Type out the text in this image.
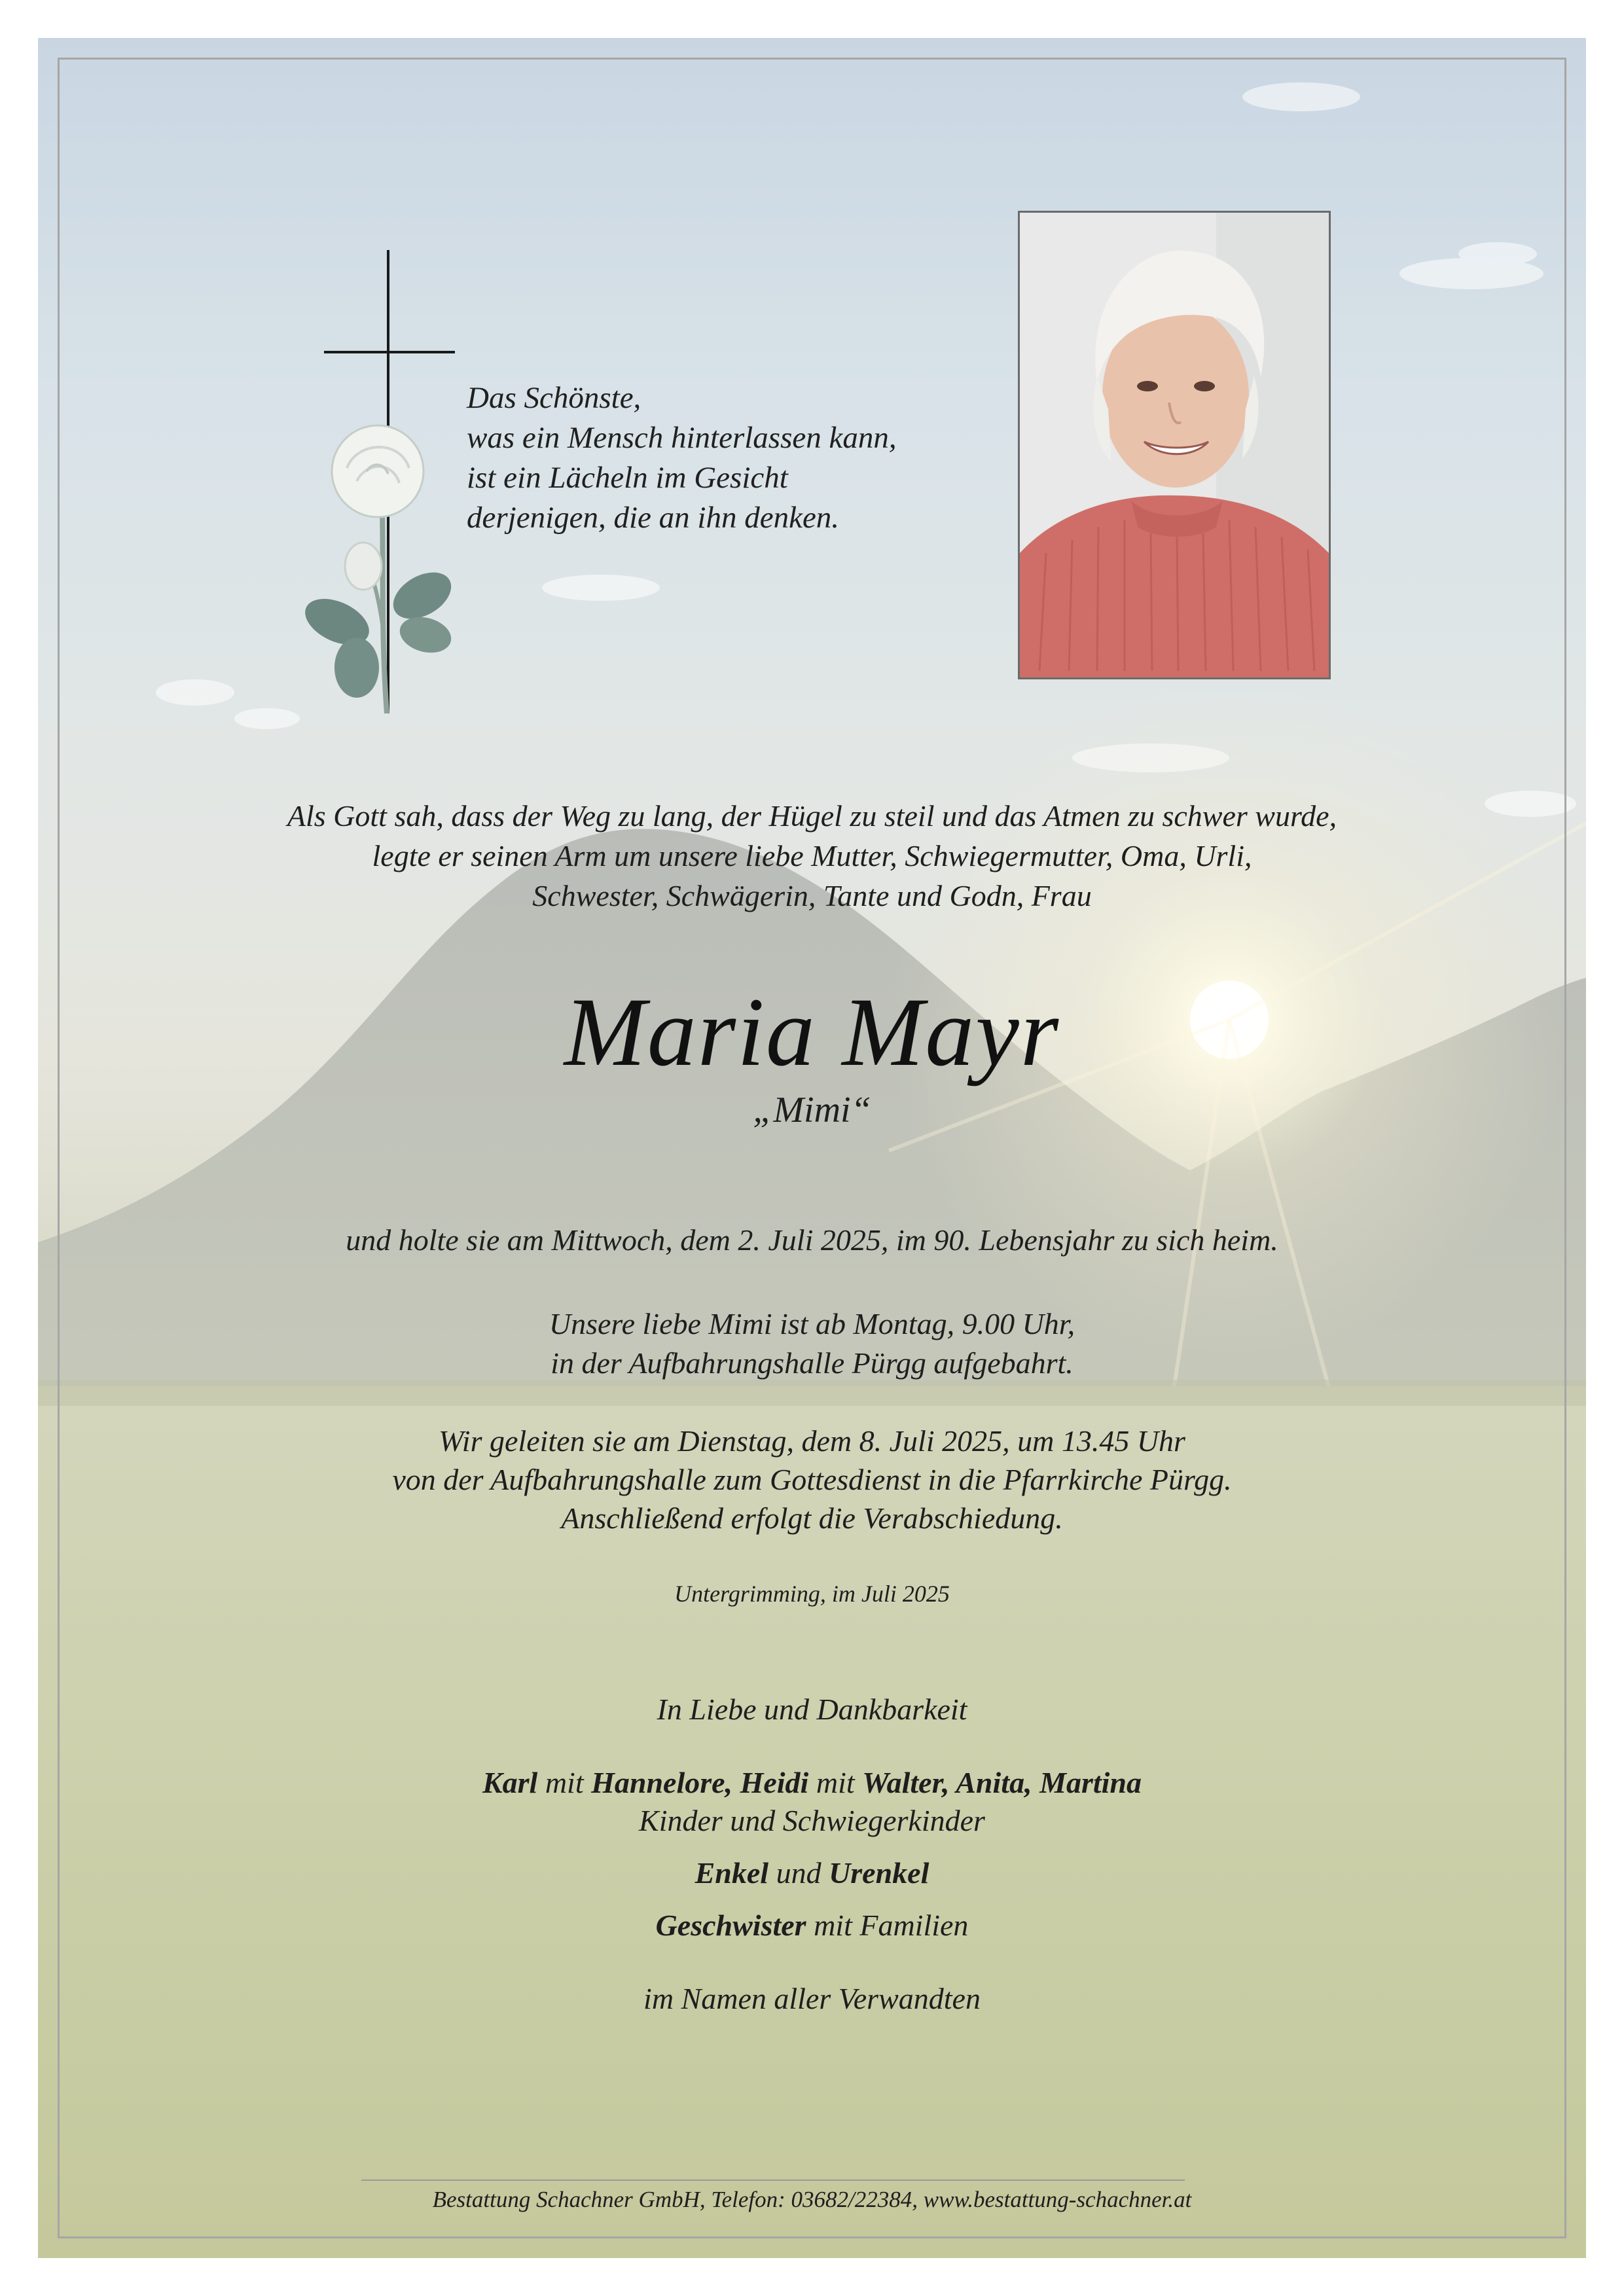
Das Schönste,
was ein Mensch hinterlassen kann,
ist ein Lächeln im Gesicht
derjenigen, die an ihn denken.
Als Gott sah, dass der Weg zu lang, der Hügel zu steil und das Atmen zu schwer wurde,
legte er seinen Arm um unsere liebe Mutter, Schwiegermutter, Oma, Urli,
Schwester, Schwägerin, Tante und Godn, Frau
Maria Mayr
„Mimi“
und holte sie am Mittwoch, dem 2. Juli 2025, im 90. Lebensjahr zu sich heim.
Unsere liebe Mimi ist ab Montag, 9.00 Uhr,
in der Aufbahrungshalle Pürgg aufgebahrt.
Wir geleiten sie am Dienstag, dem 8. Juli 2025, um 13.45 Uhr
von der Aufbahrungshalle zum Gottesdienst in die Pfarrkirche Pürgg.
Anschließend erfolgt die Verabschiedung.
Untergrimming, im Juli 2025
In Liebe und Dankbarkeit
Karl mit Hannelore, Heidi mit Walter, Anita, Martina
Kinder und Schwiegerkinder
Enkel und Urenkel
Geschwister mit Familien
im Namen aller Verwandten
Bestattung Schachner GmbH, Telefon: 03682/22384, www.bestattung-schachner.at
